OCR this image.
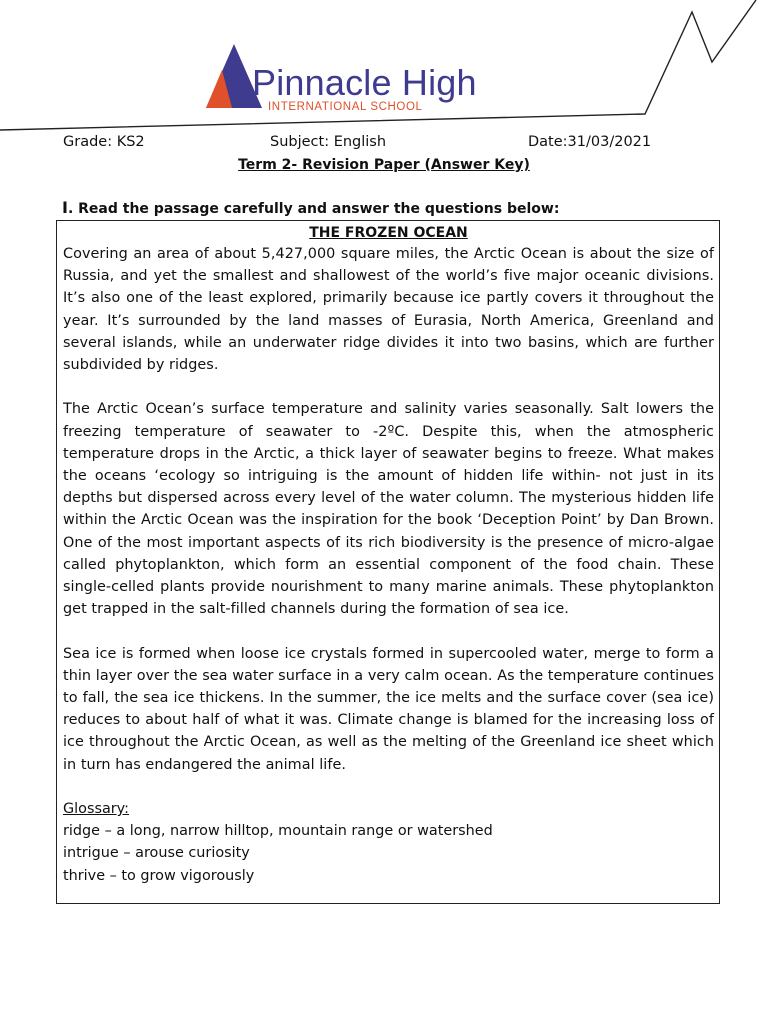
Pinnacle High
INTERNATIONAL SCHOOL
Grade: KS2	Subject: English	Date:31/03/2021
Term 2- Revision Paper (Answer Key)
I. Read the passage carefully and answer the questions below:

THE FROZEN OCEAN

Covering an area of about 5,427,000 square miles, the Arctic Ocean is about the size of Russia, and yet the smallest and shallowest of the world’s five major oceanic divisions. It’s also one of the least explored, primarily because ice partly covers it throughout the year. It’s surrounded by the land masses of Eurasia, North America, Greenland and several islands, while an underwater ridge divides it into two basins, which are further subdivided by ridges.

The Arctic Ocean’s surface temperature and salinity varies seasonally. Salt lowers the freezing temperature of seawater to -2ºC. Despite this, when the atmospheric temperature drops in the Arctic, a thick layer of seawater begins to freeze. What makes the oceans ‘ecology so intriguing is the amount of hidden life within- not just in its depths but dispersed across every level of the water column. The mysterious hidden life within the Arctic Ocean was the inspiration for the book ‘Deception Point’ by Dan Brown. One of the most important aspects of its rich biodiversity is the presence of micro-algae called phytoplankton, which form an essential component of the food chain. These single-celled plants provide nourishment to many marine animals. These phytoplankton get trapped in the salt-filled channels during the formation of sea ice.

Sea ice is formed when loose ice crystals formed in supercooled water, merge to form a thin layer over the sea water surface in a very calm ocean. As the temperature continues to fall, the sea ice thickens. In the summer, the ice melts and the surface cover (sea ice) reduces to about half of what it was. Climate change is blamed for the increasing loss of ice throughout the Arctic Ocean, as well as the melting of the Greenland ice sheet which in turn has endangered the animal life.

Glossary:

ridge – a long, narrow hilltop, mountain range or watershed

intrigue – arouse curiosity

thrive – to grow vigorously
